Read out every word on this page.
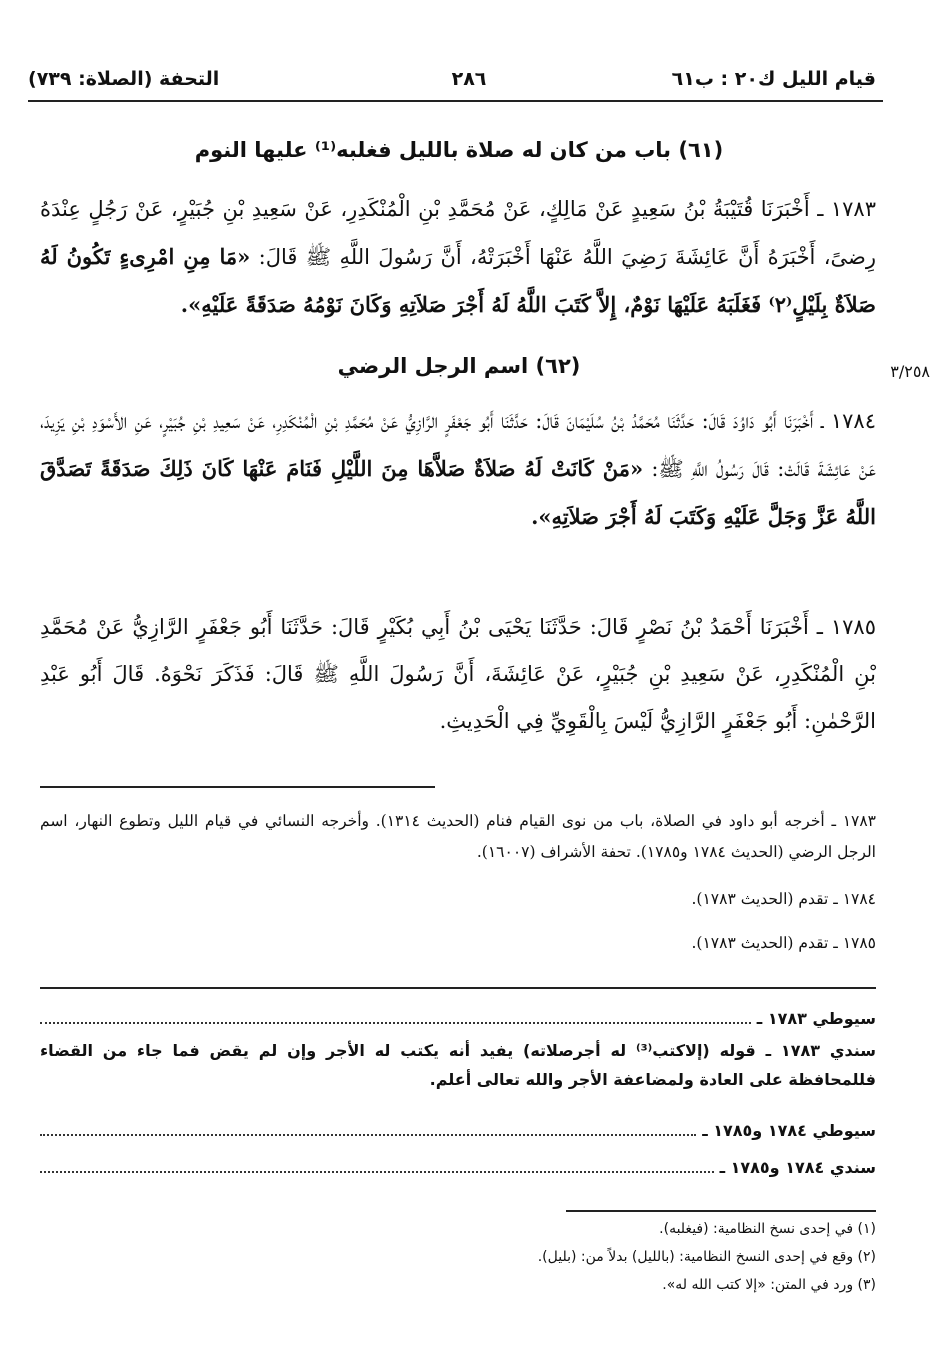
قيام الليل ك٢٠ : ب٦١
٢٨٦
التحفة (الصلاة: ٧٣٩)
(٦١) باب من كان له صلاة بالليل فغلبه⁽¹⁾ عليها النوم
١٧٨٣ ـ أَخْبَرَنَا قُتَيْبَةُ بْنُ سَعِيدٍ عَنْ مَالِكٍ، عَنْ مُحَمَّدِ بْنِ الْمُنْكَدِرِ، عَنْ سَعِيدِ بْنِ جُبَيْرٍ، عَنْ رَجُلٍ عِنْدَهُ رِضىً، أَخْبَرَهُ أَنَّ عَائِشَةَ رَضِيَ اللَّهُ عَنْهَا أَخْبَرَتْهُ، أَنَّ رَسُولَ اللَّهِ ﷺ قَالَ: «مَا مِنِ امْرِىءٍ تَكُونُ لَهُ صَلاَةٌ بِلَيْلٍ⁽٢⁾ فَغَلَبَهُ عَلَيْهَا نَوْمٌ، إِلاَّ كَتَبَ اللَّهُ لَهُ أَجْرَ صَلاَتِهِ وَكَانَ نَوْمُهُ صَدَقَةً عَلَيْهِ».
(٦٢) اسم الرجل الرضي	٣/٢٥٨
١٧٨٤ ـ أَخْبَرَنَا أَبُو دَاوُدَ قَالَ: حَدَّثَنَا مُحَمَّدُ بْنُ سُلَيْمَانَ قَالَ: حَدَّثَنَا أَبُو جَعْفَرٍ الرَّازِيُّ عَنْ مُحَمَّدِ بْنِ الْمُنْكَدِرِ، عَنْ سَعِيدِ بْنِ جُبَيْرٍ، عَنِ الأَسْوَدِ بْنِ يَزِيدَ، عَنْ عَائِشَةَ قَالَتْ: قَالَ رَسُولُ اللَّهِ ﷺ: «مَنْ كَانَتْ لَهُ صَلاَةٌ صَلاَّهَا مِنَ اللَّيْلِ فَنَامَ عَنْهَا كَانَ ذَلِكَ صَدَقَةً تَصَدَّقَ اللَّهُ عَزَّ وَجَلَّ عَلَيْهِ وَكَتَبَ لَهُ أَجْرَ صَلاَتِهِ».
١٧٨٥ ـ أَخْبَرَنَا أَحْمَدُ بْنُ نَصْرٍ قَالَ: حَدَّثَنَا يَحْيَى بْنُ أَبِي بُكَيْرٍ قَالَ: حَدَّثَنَا أَبُو جَعْفَرٍ الرَّازِيُّ عَنْ مُحَمَّدِ بْنِ الْمُنْكَدِرِ، عَنْ سَعِيدِ بْنِ جُبَيْرٍ، عَنْ عَائِشَةَ، أَنَّ رَسُولَ اللَّهِ ﷺ قَالَ: فَذَكَرَ نَحْوَهُ. قَالَ أَبُو عَبْدِ الرَّحْمٰنِ: أَبُو جَعْفَرٍ الرَّازِيُّ لَيْسَ بِالْقَوِيِّ فِي الْحَدِيثِ.
١٧٨٣ ـ أخرجه أبو داود في الصلاة، باب من نوى القيام فنام (الحديث ١٣١٤). وأخرجه النسائي في قيام الليل وتطوع النهار، اسم الرجل الرضي (الحديث ١٧٨٤ و١٧٨٥). تحفة الأشراف (١٦٠٠٧).
١٧٨٤ ـ تقدم (الحديث ١٧٨٣).
١٧٨٥ ـ تقدم (الحديث ١٧٨٣).
سيوطي ١٧٨٣ ـ
سندي ١٧٨٣ ـ قوله (إلاكتب⁽³⁾ له أجرصلاته) يفيد أنه يكتب له الأجر وإن لم يقض فما جاء من القضاء فللمحافظة على العادة ولمضاعفة الأجر والله تعالى أعلم.
سيوطي ١٧٨٤ و١٧٨٥ ـ
سندي ١٧٨٤ و١٧٨٥ ـ
(١) في إحدى نسخ النظامية: (فيغلبه).
(٢) وقع في إحدى النسخ النظامية: (بالليل) بدلاً من: (بليل).
(٣) ورد في المتن: «إلا كتب الله له».
